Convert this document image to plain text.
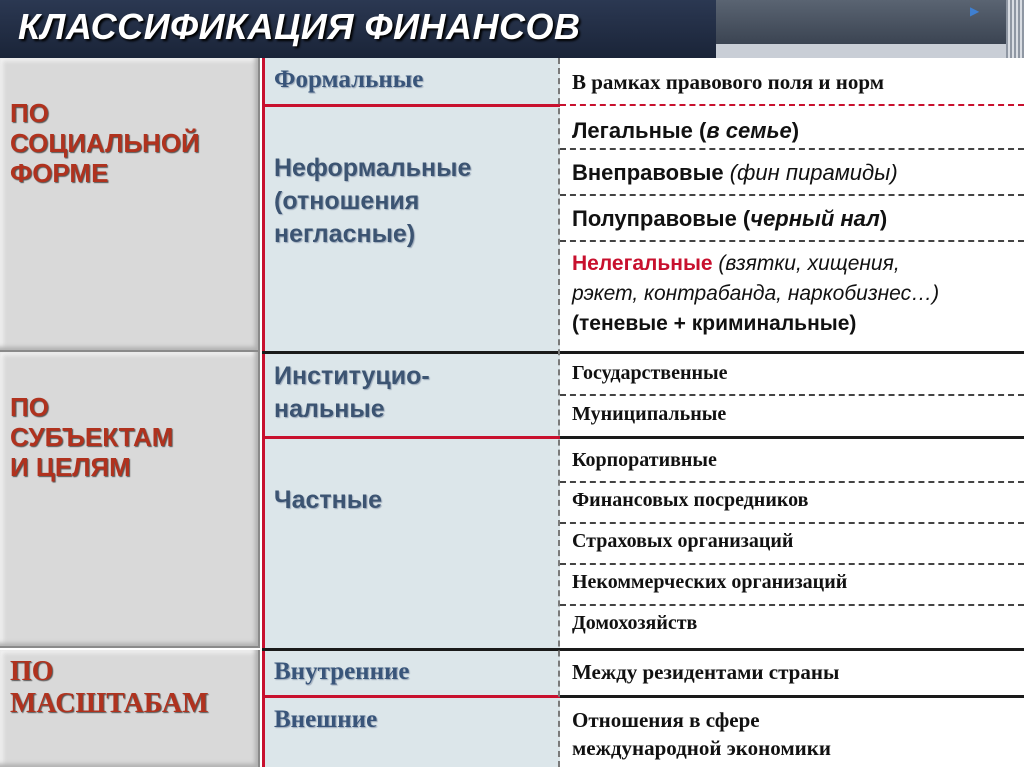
КЛАССИФИКАЦИЯ ФИНАНСОВ	▶
ПО
СОЦИАЛЬНОЙ
ФОРМЕ
Формальные
Неформальные
(отношения
негласные)
В рамках правового поля и норм
Легальные (в семье)
Внеправовые (фин пирамиды)
Полуправовые (черный нал)
Нелегальные (взятки, хищения,
рэкет, контрабанда, наркобизнес…)
(теневые + криминальные)
ПО
СУБЪЕКТАМ
И ЦЕЛЯМ
Институцио-
нальные
Частные
Государственные
Муниципальные
Корпоративные
Финансовых посредников
Страховых организаций
Некоммерческих организаций
Домохозяйств
ПО
МАСШТАБАМ
Внутренние
Внешние
Между резидентами страны
Отношения в сфере
международной экономики
